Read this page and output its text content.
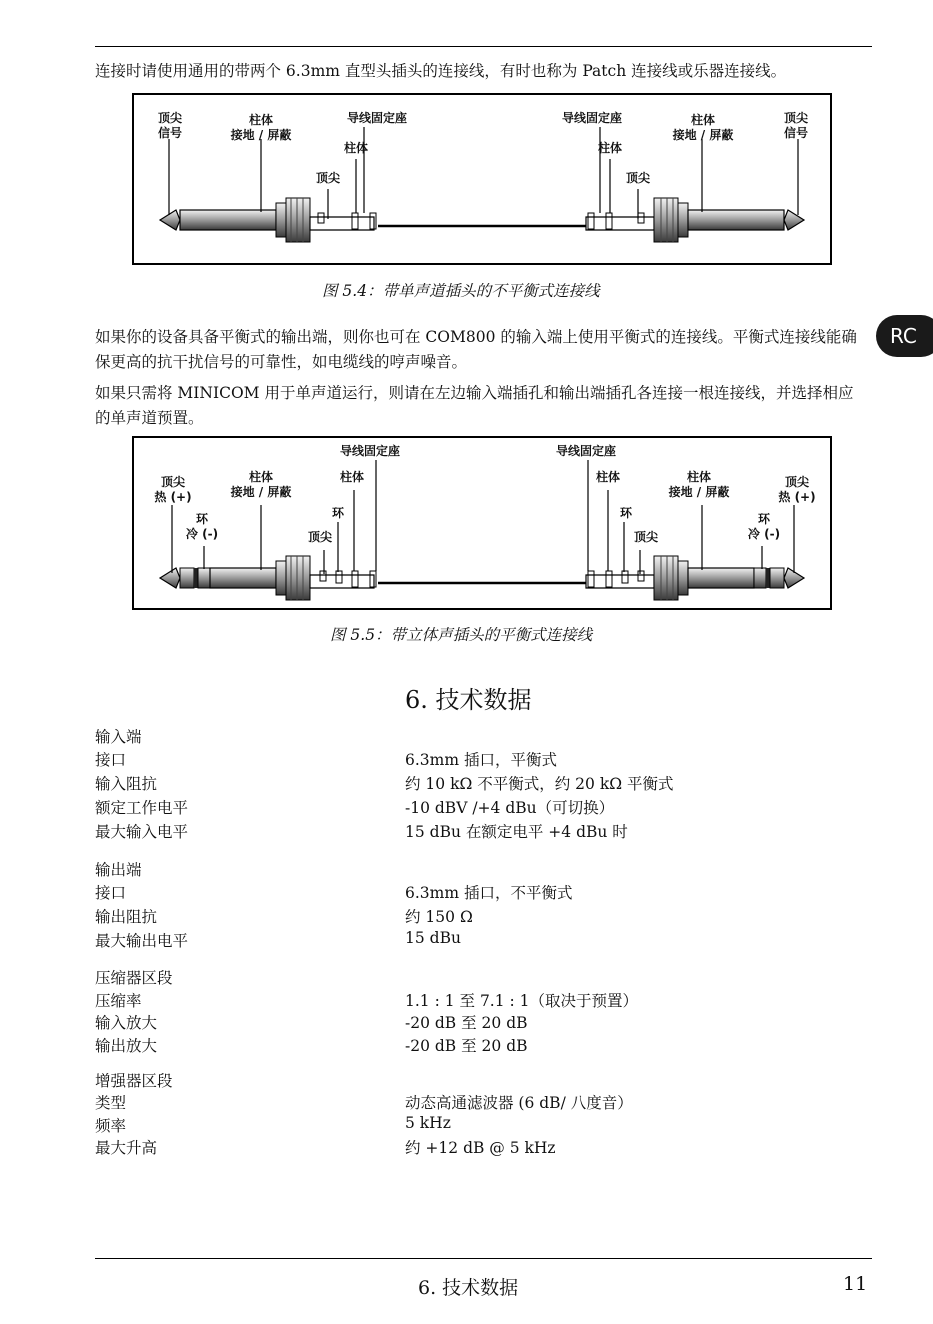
连接时请使用通用的带两个 6.3mm 直型头插头的连接线，有时也称为 Patch 连接线或乐器连接线。

顶尖
信号
柱体
接地 / 屏蔽
导线固定座
柱体
顶尖
导线固定座
柱体
顶尖
柱体
接地 / 屏蔽
顶尖
信号
图 5.4：带单声道插头的不平衡式连接线
RC

如果你的设备具备平衡式的输出端，则你也可在 COM800 的输入端上使用平衡式的连接线。平衡式连接线能确保更高的抗干扰信号的可靠性，如电缆线的哼声噪音。

如果只需将 MINICOM 用于单声道运行，则请在左边输入端插孔和输出端插孔各连接一根连接线，并选择相应的单声道预置。

顶尖
热 (+)
环
冷 (-)
柱体
接地 / 屏蔽
导线固定座
柱体
环
顶尖
导线固定座
柱体
环
顶尖
柱体
接地 / 屏蔽
顶尖
热 (+)
环
冷 (-)
图 5.5：带立体声插头的平衡式连接线
6. 技术数据
输入端
接口	6.3mm 插口，平衡式
输入阻抗	约 10 kΩ 不平衡式，约 20 kΩ 平衡式
额定工作电平	-10 dBV /+4 dBu（可切换）
最大输入电平	15 dBu 在额定电平 +4 dBu 时
输出端
接口	6.3mm 插口，不平衡式
输出阻抗	约 150 Ω
最大输出电平	15 dBu
压缩器区段
压缩率	1.1 : 1 至 7.1 : 1（取决于预置）
输入放大	-20 dB 至 20 dB
输出放大	-20 dB 至 20 dB
增强器区段
类型	动态高通滤波器 (6 dB/ 八度音）
频率	5 kHz
最大升高	约 +12 dB @ 5 kHz
6. 技术数据	11
